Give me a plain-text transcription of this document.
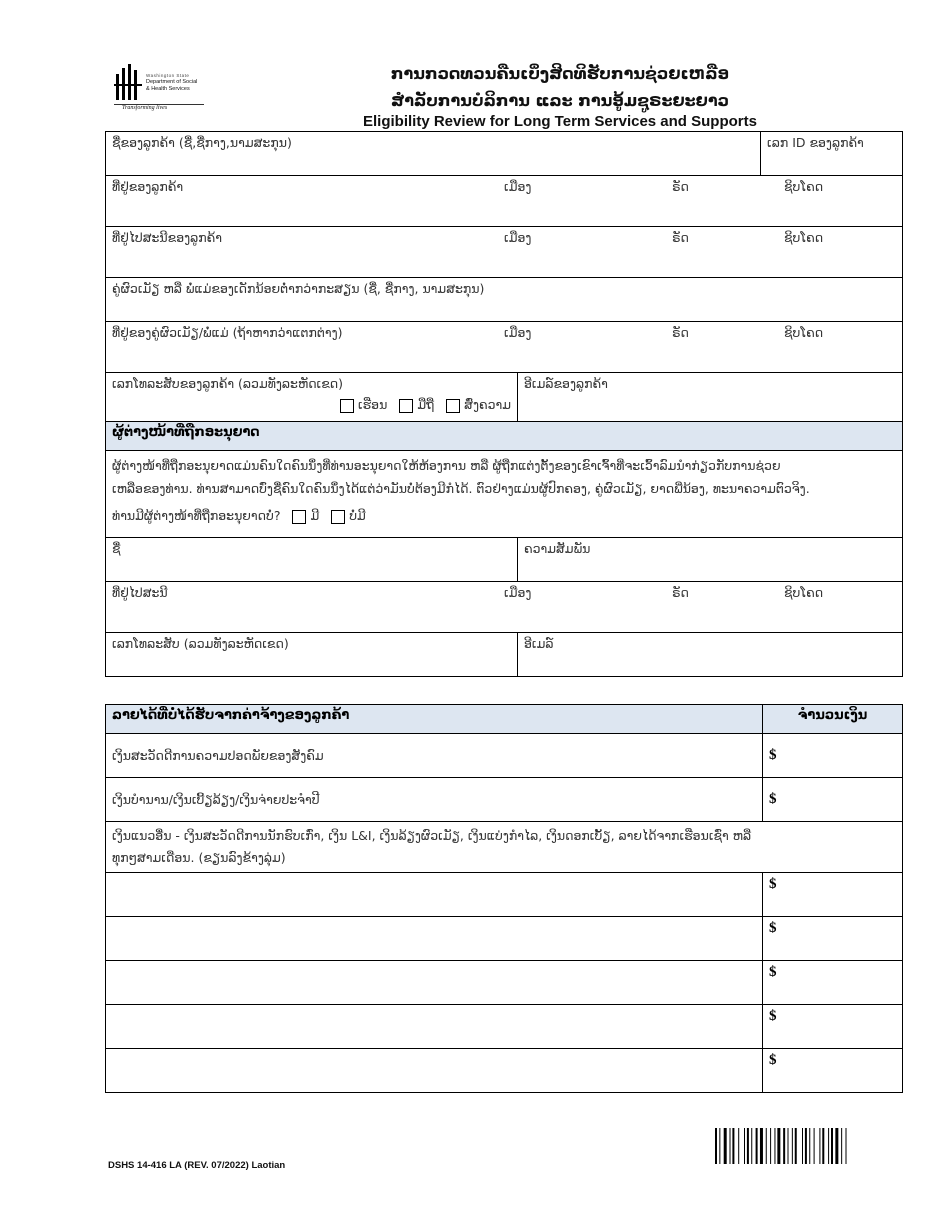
Washington State
Department of Social
& Health Services
Transforming lives
ການກວດທວນຄືນເບິ່ງສິດທິຮັບການຊ່ວຍເຫລືອ
ສຳລັບການບໍລິການ ແລະ ການອູ້ມຊູຣະຍະຍາວ
Eligibility Review for Long Term Services and Supports
ຊື່ຂອງລູກຄ້າ (ຊື່,ຊື່ກາງ,ນາມສະກຸນ)		ເລກ ID ຂອງລູກຄ້າ

ທີ່ຢູ່ຂອງລູກຄ້າ ເມືອງ ຣັດ ຊິບໂຄດ		

ທີ່ຢູ່ໄປສະນີຂອງລູກຄ້າ ເມືອງ ຣັດ ຊິບໂຄດ		

ຄູ່ຜົວເມັຽ ຫລື ພໍ່ແມ່ຂອງເດັກນ້ອຍຕໍ່າກວ່າກະສຽນ (ຊື່, ຊື່ກາງ, ນາມສະກຸນ)		

ທີ່ຢູ່ຂອງຄູ່ຜົວເມັຽ/ພໍ່ແມ່ (ຖ້າຫາກວ່າແຕກຕ່າງ) ເມືອງ ຣັດ ຊິບໂຄດ		

ເລກໂທລະສັບຂອງລູກຄ້າ (ລວມທັງລະຫັດເຂດ)
ເຮືອນ ມືຖື ສົ່ງຄວາມ	ອີເມລ໌ຂອງລູກຄ້າ	
ຜູ້ຕ່າງໜ້າທີ່ຖືກອະນຸຍາດ		

ຜູ້ຕ່າງໜ້າທີ່ຖືກອະນຸຍາດແມ່ນຄົນໃດຄົນນຶ່ງທີ່ທ່ານອະນຸຍາດໃຫ້ຫ້ອງການ ຫລື ຜູ້ຖືກແຕ່ງຕັ້ງຂອງເຂົາເຈົ້າທີ່ຈະເວົ້າລົມນຳກ່ຽວກັບການຊ່ວຍ
ເຫລືອຂອງທ່ານ. ທ່ານສາມາດບົ່ງຊື່ຄົນໃດຄົນນຶ່ງໄດ້ແຕ່ວ່າມັນບໍ່ຕ້ອງມີກໍໄດ້. ຕົວຢ່າງແມ່ນຜູ້ປົກຄອງ, ຄູ່ຜົວເມັຽ, ຍາດພີ່ນ້ອງ, ທະນາຄວາມຕົວຈິງ.
ທ່ານມີຜູ້ຕ່າງໜ້າທີ່ຖືກອະນຸຍາດບໍ່? ມີ ບໍ່ມີ		

ຊື່	ຄວາມສັມພັນ	

ທີ່ຢູ່ໄປສະນີ ເມືອງ ຣັດ ຊິບໂຄດ		

ເລກໂທລະສັບ (ລວມທັງລະຫັດເຂດ)	ອີເມລ໌	
ລາຍໄດ້ທີ່ບໍ່ໄດ້ຮັບຈາກຄ່າຈ້າງຂອງລູກຄ້າ	ຈຳນວນເງິນ
ເງິນສະວັດດີການຄວາມປອດພັຍຂອງສັງຄົມ	$
ເງິນບຳນານ/ເງິນເບີ້ຽລ້ຽງ/ເງິນຈ່າຍປະຈຳປີ	$

ເງິນແນວອື່ນ - ເງິນສະວັດດີການນັກຮົບເກົ່າ, ເງິນ L&I, ເງິນລ້ຽງຜົວເມັຽ, ເງິນແບ່ງກຳໄລ, ເງິນດອກເບັ້ຽ, ລາຍໄດ້ຈາກເຮືອນເຊົ່າ ຫລື
ທຸກໆສາມເດືອນ. (ຂຽນລົງຂ້າງລຸ່ມ)	

	$
	$
	$
	$
	$
DSHS 14-416 LA (REV. 07/2022) Laotian
